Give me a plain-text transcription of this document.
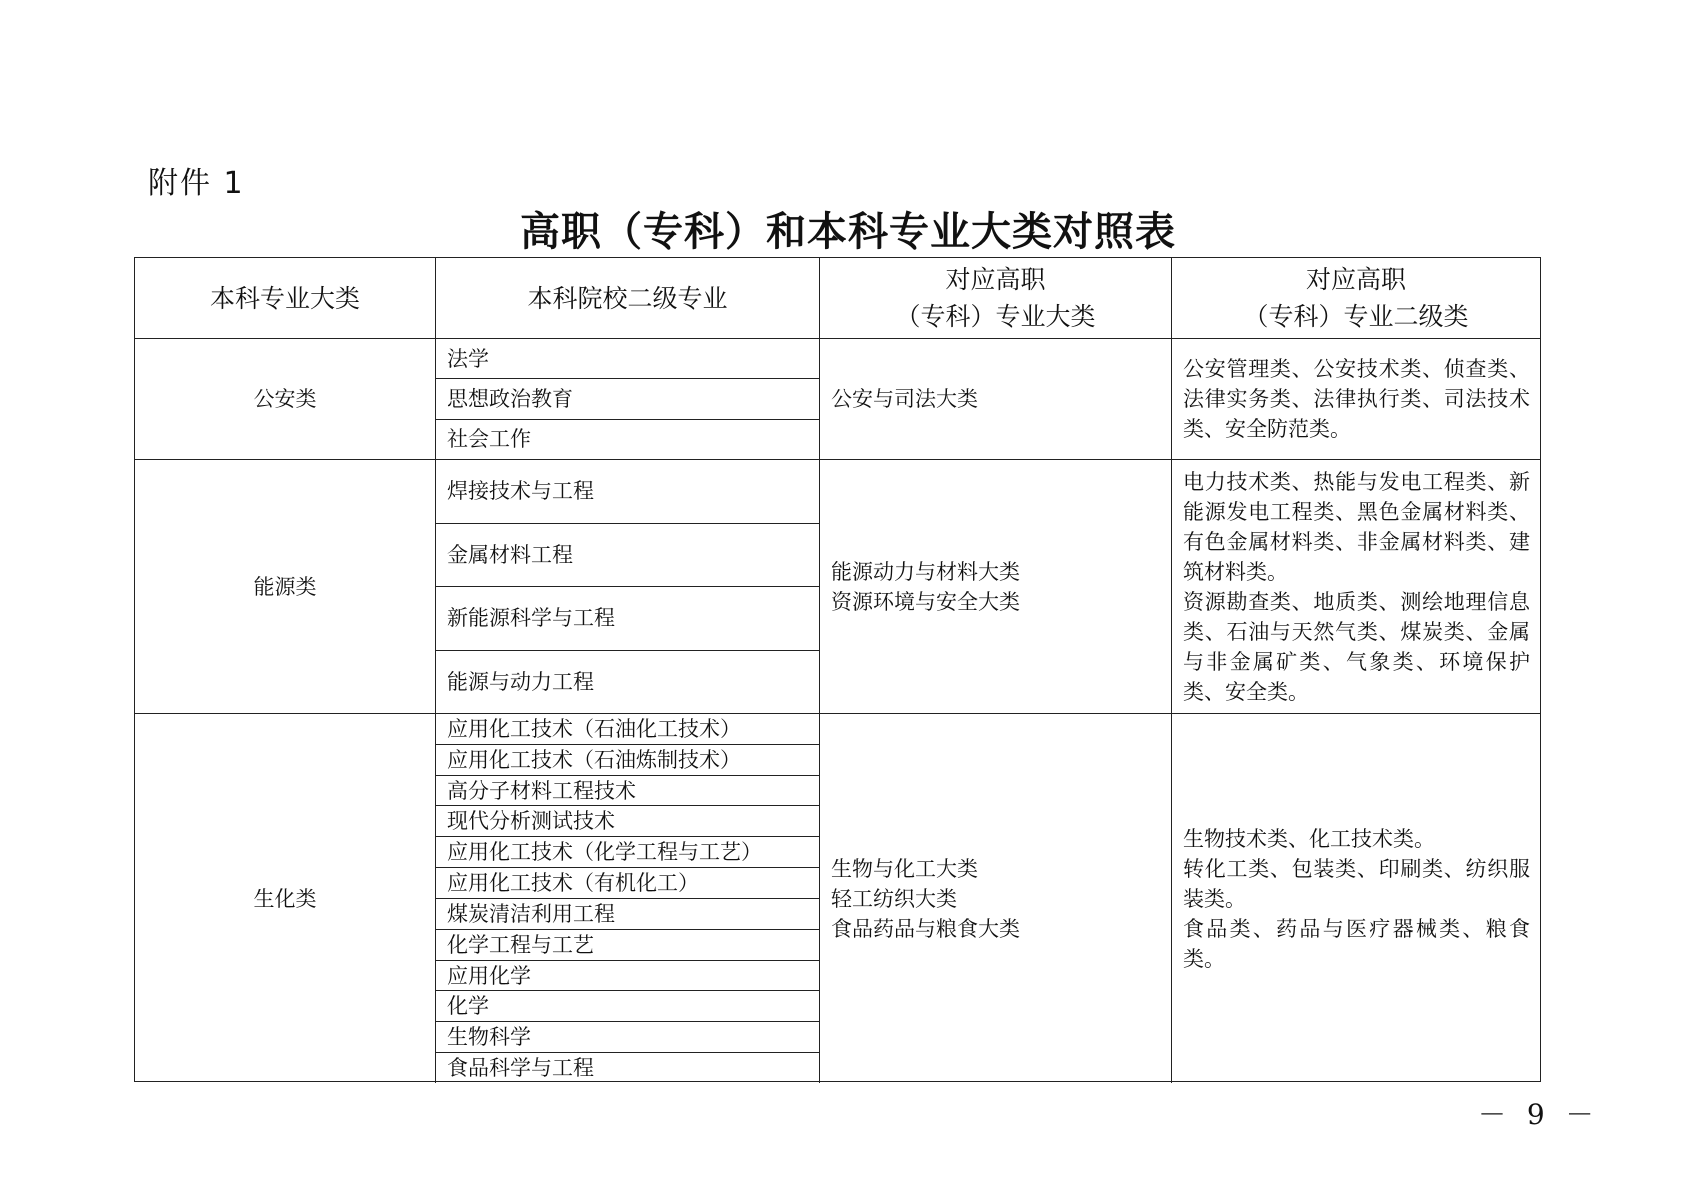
附件 1
高职（专科）和本科专业大类对照表
本科专业大类	本科院校二级专业
对应高职
（专科）专业大类
对应高职
（专科）专业二级类
公安类
法学
思想政治教育
社会工作
公安与司法大类
公安管理类、公安技术类、侦查类、法律实务类、法律执行类、司法技术类、安全防范类。
能源类
焊接技术与工程
金属材料工程
新能源科学与工程
能源与动力工程
能源动力与材料大类
资源环境与安全大类
电力技术类、热能与发电工程类、新能源发电工程类、黑色金属材料类、有色金属材料类、非金属材料类、建筑材料类。
资源勘查类、地质类、测绘地理信息类、石油与天然气类、煤炭类、金属与非金属矿类、气象类、环境保护类、安全类。
生化类
应用化工技术（石油化工技术）
应用化工技术（石油炼制技术）
高分子材料工程技术
现代分析测试技术
应用化工技术（化学工程与工艺）
应用化工技术（有机化工）
煤炭清洁利用工程
化学工程与工艺
应用化学
化学
生物科学
食品科学与工程
生物与化工大类
轻工纺织大类
食品药品与粮食大类
生物技术类、化工技术类。
转化工类、包装类、印刷类、纺织服装类。
食品类、药品与医疗器械类、粮食类。
－ 9 －
